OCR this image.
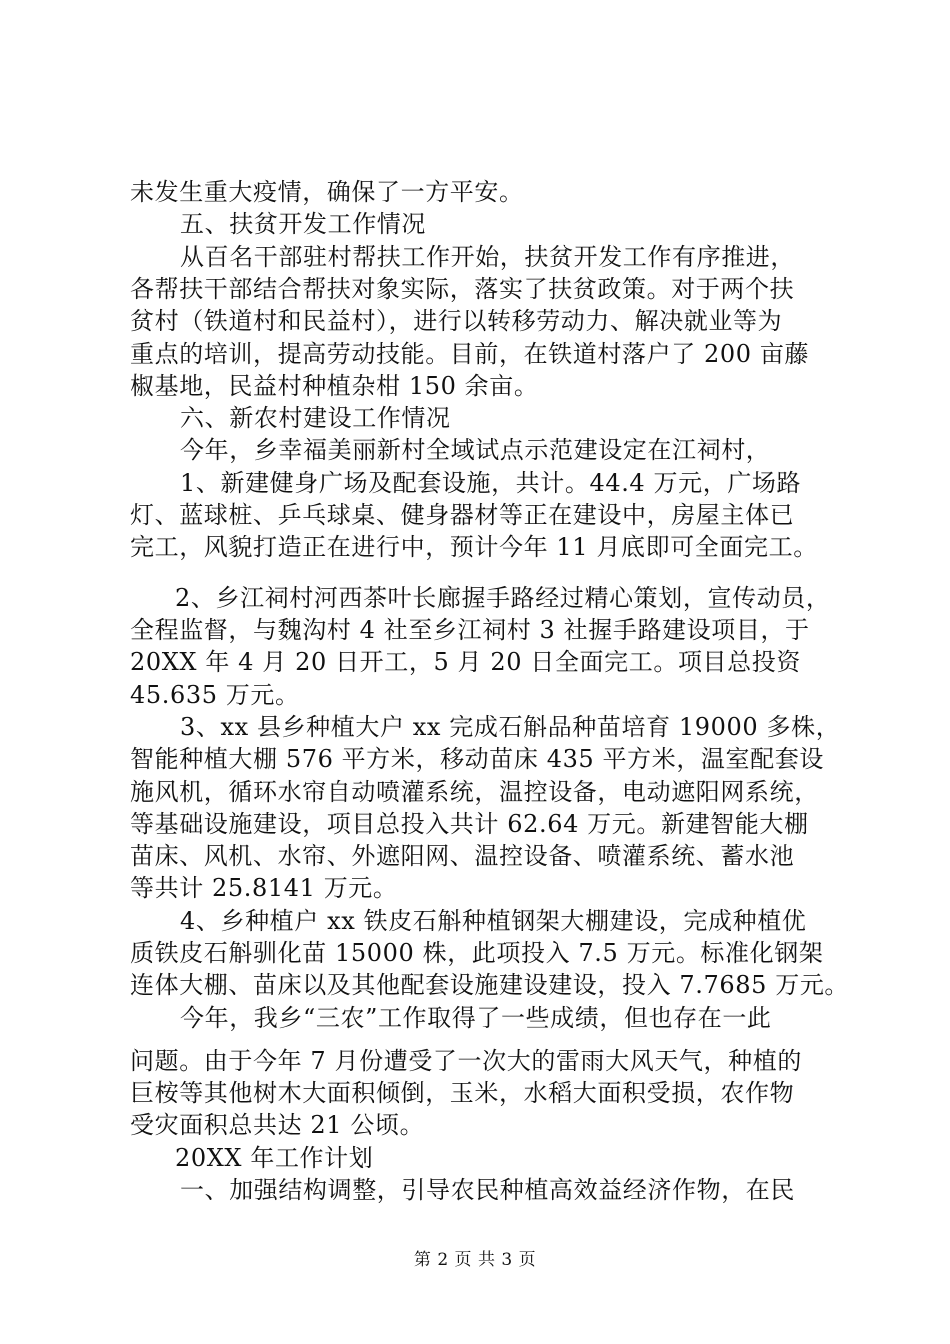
未发生重大疫情，确保了一方平安。
五、扶贫开发工作情况
从百名干部驻村帮扶工作开始，扶贫开发工作有序推进，
各帮扶干部结合帮扶对象实际，落实了扶贫政策。对于两个扶
贫村（铁道村和民益村），进行以转移劳动力、解决就业等为
重点的培训，提高劳动技能。目前，在铁道村落户了 200 亩藤
椒基地，民益村种植杂柑 150 余亩。
六、新农村建设工作情况
今年，乡幸福美丽新村全域试点示范建设定在江祠村，
1、新建健身广场及配套设施，共计。44.4 万元，广场路
灯、蓝球桩、乒乓球桌、健身器材等正在建设中，房屋主体已
完工，风貌打造正在进行中，预计今年 11 月底即可全面完工。
2、乡江祠村河西茶叶长廊握手路经过精心策划，宣传动员，
全程监督，与魏沟村 4 社至乡江祠村 3 社握手路建设项目，于
20XX 年 4 月 20 日开工，5 月 20 日全面完工。项目总投资
45.635 万元。
3、xx 县乡种植大户 xx 完成石斛品种苗培育 19000 多株，
智能种植大棚 576 平方米，移动苗床 435 平方米，温室配套设
施风机，循环水帘自动喷灌系统，温控设备，电动遮阳网系统，
等基础设施建设，项目总投入共计 62.64 万元。新建智能大棚
苗床、风机、水帘、外遮阳网、温控设备、喷灌系统、蓄水池
等共计 25.8141 万元。
4、乡种植户 xx 铁皮石斛种植钢架大棚建设，完成种植优
质铁皮石斛驯化苗 15000 株，此项投入 7.5 万元。标准化钢架
连体大棚、苗床以及其他配套设施建设建设，投入 7.7685 万元。
今年，我乡“三农”工作取得了一些成绩，但也存在一此
问题。由于今年 7 月份遭受了一次大的雷雨大风天气，种植的
巨桉等其他树木大面积倾倒，玉米，水稻大面积受损，农作物
受灾面积总共达 21 公顷。
20XX 年工作计划
一、加强结构调整，引导农民种植高效益经济作物，在民
第 2 页 共 3 页
